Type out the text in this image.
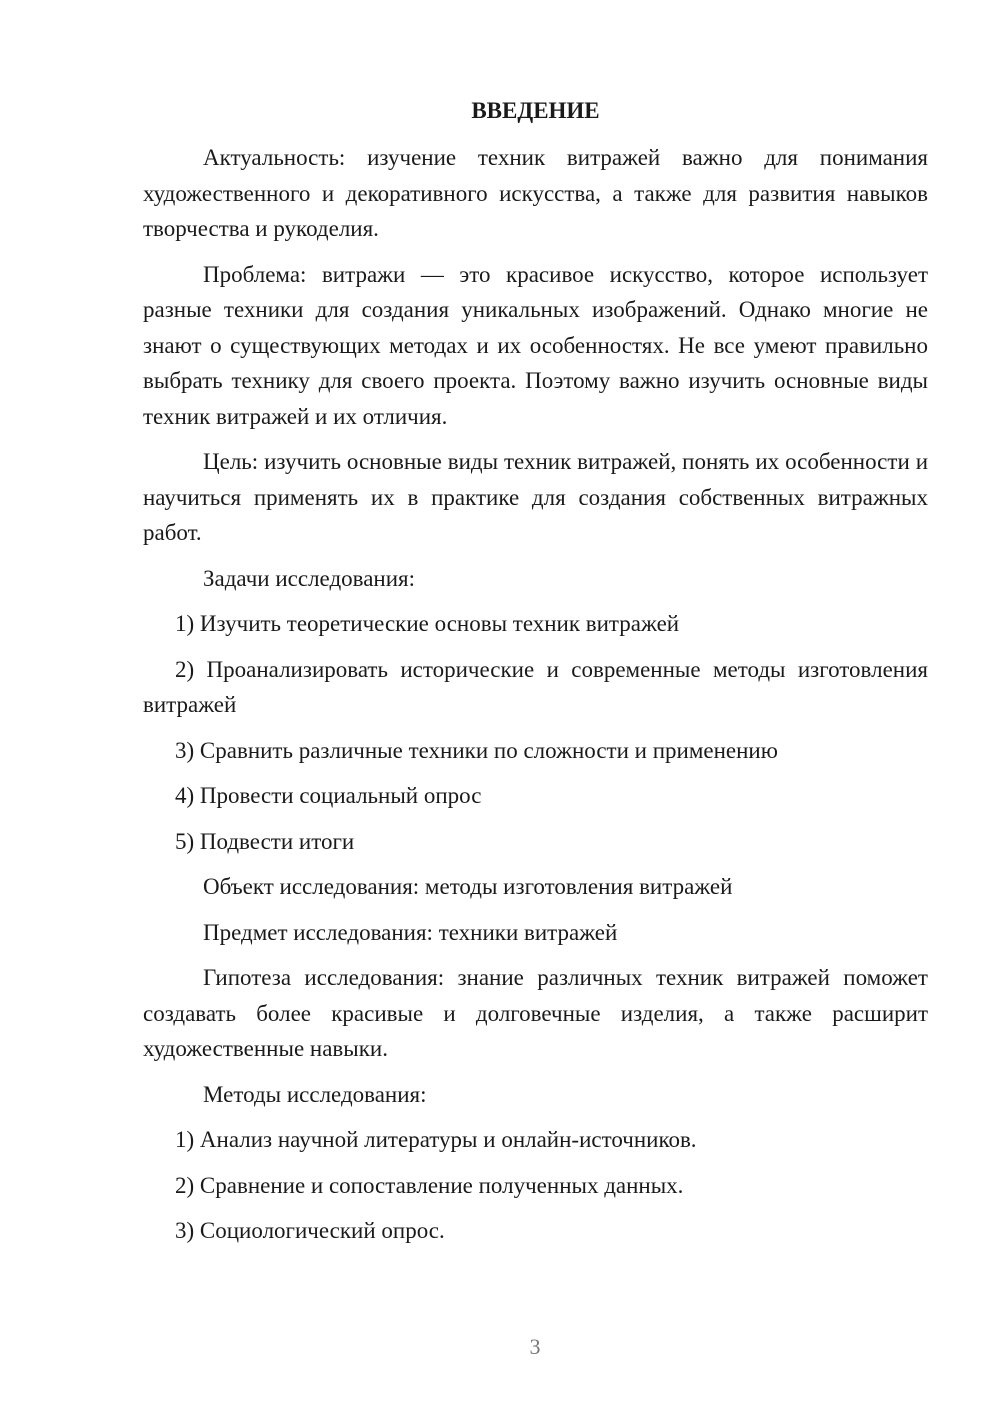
ВВЕДЕНИЕ

Актуальность: изучение техник витражей важно для понимания художественного и декоративного искусства, а также для развития навыков творчества и рукоделия.

Проблема: витражи — это красивое искусство, которое использует разные техники для создания уникальных изображений. Однако многие не знают о существующих методах и их особенностях. Не все умеют правильно выбрать технику для своего проекта. Поэтому важно изучить основные виды техник витражей и их отличия.

Цель: изучить основные виды техник витражей, понять их особенности и научиться применять их в практике для создания собственных витражных работ.

Задачи исследования:

1) Изучить теоретические основы техник витражей

2) Проанализировать исторические и современные методы изготовления витражей

3) Сравнить различные техники по сложности и применению

4) Провести социальный опрос

5) Подвести итоги

Объект исследования: методы изготовления витражей

Предмет исследования: техники витражей

Гипотеза исследования: знание различных техник витражей поможет создавать более красивые и долговечные изделия, а также расширит художественные навыки.

Методы исследования:

1) Анализ научной литературы и онлайн-источников.

2) Сравнение и сопоставление полученных данных.

3) Социологический опрос.

3
